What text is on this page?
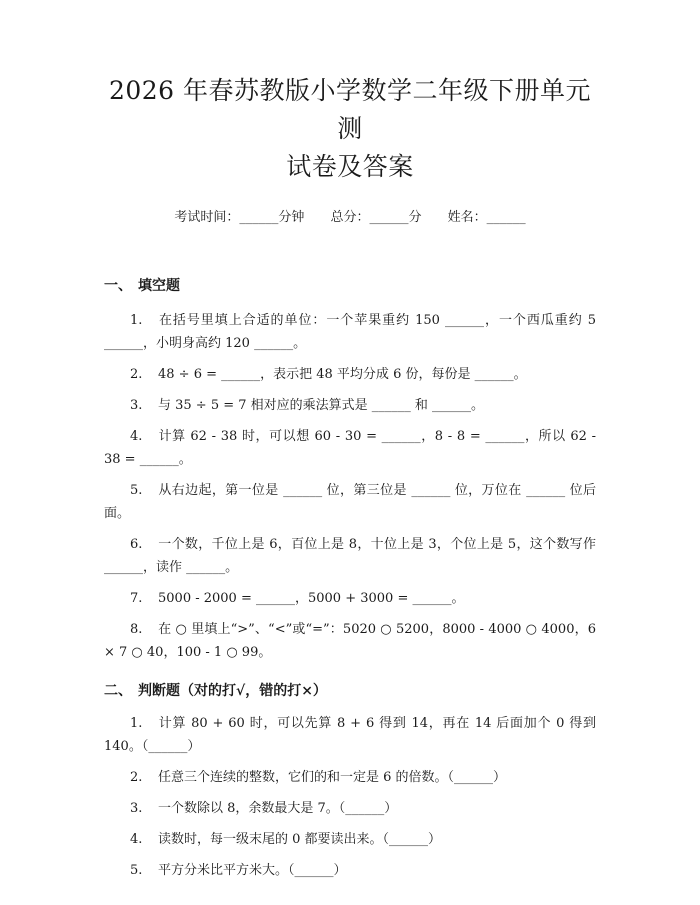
2026 年春苏教版小学数学二年级下册单元测
试卷及答案
考试时间：______分钟 总分：______分 姓名：______
一、 填空题
1. 在括号里填上合适的单位：一个苹果重约 150 ______，一个西瓜重约 5 ______，小明身高约 120 ______。
2. 48 ÷ 6 = ______，表示把 48 平均分成 6 份，每份是 ______。
3. 与 35 ÷ 5 = 7 相对应的乘法算式是 ______ 和 ______。
4. 计算 62 - 38 时，可以想 60 - 30 = ______，8 - 8 = ______，所以 62 - 38 = ______。
5. 从右边起，第一位是 ______ 位，第三位是 ______ 位，万位在 ______ 位后面。
6. 一个数，千位上是 6，百位上是 8，十位上是 3，个位上是 5，这个数写作 ______，读作 ______。
7. 5000 - 2000 = ______，5000 + 3000 = ______。
8. 在 ○ 里填上“>”、“<”或“=”：5020 ○ 5200，8000 - 4000 ○ 4000，6 × 7 ○ 40，100 - 1 ○ 99。
二、 判断题（对的打√，错的打×）
1. 计算 80 + 60 时，可以先算 8 + 6 得到 14，再在 14 后面加个 0 得到 140。（______）
2. 任意三个连续的整数，它们的和一定是 6 的倍数。（______）
3. 一个数除以 8，余数最大是 7。（______）
4. 读数时，每一级末尾的 0 都要读出来。（______）
5. 平方分米比平方米大。（______）
